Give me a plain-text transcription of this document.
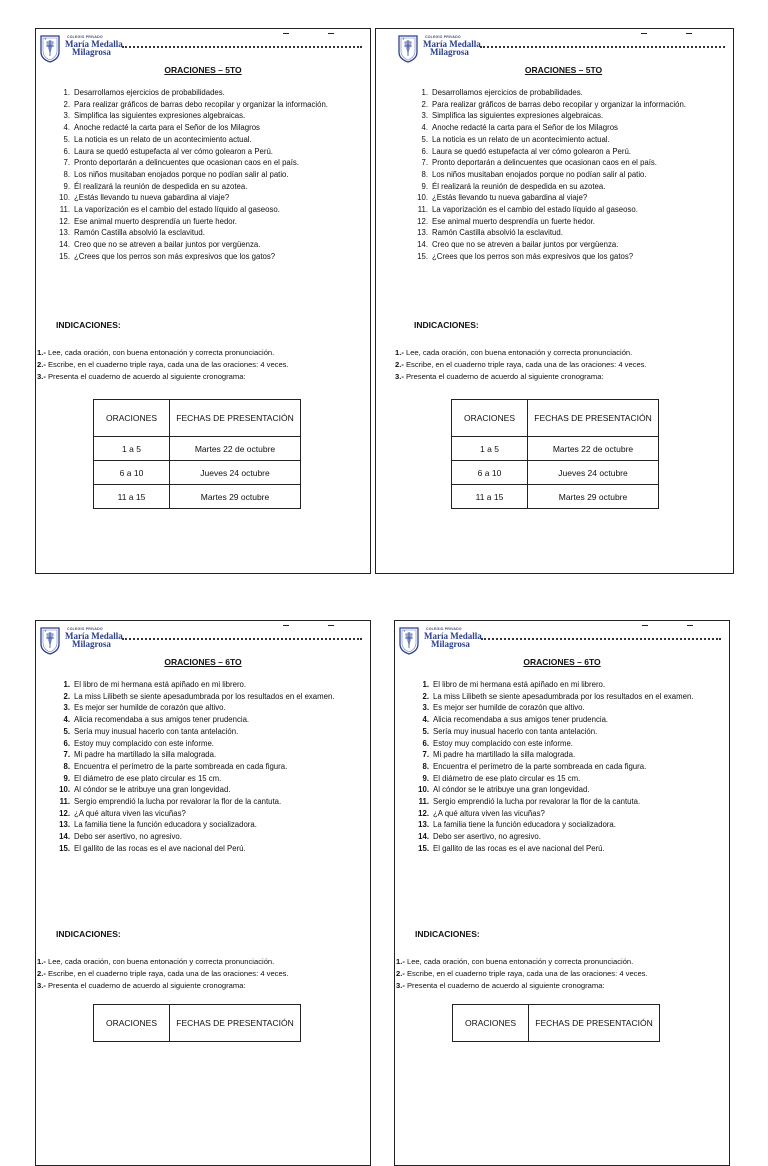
✦	COLEGIO PRIVADO
María Medalla
Milagrosa
ORACIONES – 5TO
1. Desarrollamos ejercicios de probabilidades.
2. Para realizar gráficos de barras debo recopilar y organizar la información.
3. Simplifica las siguientes expresiones algebraicas.
4. Anoche redacté la carta para el Señor de los Milagros
5. La noticia es un relato de un acontecimiento actual.
6. Laura se quedó estupefacta al ver cómo golearon a Perú.
7. Pronto deportarán a delincuentes que ocasionan caos en el país.
8. Los niños musitaban enojados porque no podían salir al patio.
9. Él realizará la reunión de despedida en su azotea.
10. ¿Estás llevando tu nueva gabardina al viaje?
11. La vaporización es el cambio del estado líquido al gaseoso.
12. Ese animal muerto desprendía un fuerte hedor.
13. Ramón Castilla absolvió la esclavitud.
14. Creo que no se atreven a bailar juntos por vergüenza.
15. ¿Crees que los perros son más expresivos que los gatos?
INDICACIONES:
1.- Lee, cada oración, con buena entonación y correcta pronunciación.
2.- Escribe, en el cuaderno triple raya, cada una de las oraciones: 4 veces.
3.- Presenta el cuaderno de acuerdo al siguiente cronograma:
ORACIONES	FECHAS DE PRESENTACIÓN
1 a 5	Martes 22 de octubre
6 a 10	Jueves 24 octubre
11 a 15	Martes 29 octubre
✦	COLEGIO PRIVADO
María Medalla
Milagrosa
ORACIONES – 5TO
1. Desarrollamos ejercicios de probabilidades.
2. Para realizar gráficos de barras debo recopilar y organizar la información.
3. Simplifica las siguientes expresiones algebraicas.
4. Anoche redacté la carta para el Señor de los Milagros
5. La noticia es un relato de un acontecimiento actual.
6. Laura se quedó estupefacta al ver cómo golearon a Perú.
7. Pronto deportarán a delincuentes que ocasionan caos en el país.
8. Los niños musitaban enojados porque no podían salir al patio.
9. Él realizará la reunión de despedida en su azotea.
10. ¿Estás llevando tu nueva gabardina al viaje?
11. La vaporización es el cambio del estado líquido al gaseoso.
12. Ese animal muerto desprendía un fuerte hedor.
13. Ramón Castilla absolvió la esclavitud.
14. Creo que no se atreven a bailar juntos por vergüenza.
15. ¿Crees que los perros son más expresivos que los gatos?
INDICACIONES:
1.- Lee, cada oración, con buena entonación y correcta pronunciación.
2.- Escribe, en el cuaderno triple raya, cada una de las oraciones: 4 veces.
3.- Presenta el cuaderno de acuerdo al siguiente cronograma:
ORACIONES	FECHAS DE PRESENTACIÓN
1 a 5	Martes 22 de octubre
6 a 10	Jueves 24 octubre
11 a 15	Martes 29 octubre
✦	COLEGIO PRIVADO
María Medalla
Milagrosa
ORACIONES – 6TO
1. El libro de mi hermana está apiñado en mi librero.
2. La miss Lilibeth se siente apesadumbrada por los resultados en el examen.
3. Es mejor ser humilde de corazón que altivo.
4. Alicia recomendaba a sus amigos tener prudencia.
5. Sería muy inusual hacerlo con tanta antelación.
6. Estoy muy complacido con este informe.
7. Mi padre ha martillado la silla malograda.
8. Encuentra el perímetro de la parte sombreada en cada figura.
9. El diámetro de ese plato circular es 15 cm.
10. Al cóndor se le atribuye una gran longevidad.
11. Sergio emprendió la lucha por revalorar la flor de la cantuta.
12. ¿A qué altura viven las vicuñas?
13. La familia tiene la función educadora y socializadora.
14. Debo ser asertivo, no agresivo.
15. El gallito de las rocas es el ave nacional del Perú.
INDICACIONES:
1.- Lee, cada oración, con buena entonación y correcta pronunciación.
2.- Escribe, en el cuaderno triple raya, cada una de las oraciones: 4 veces.
3.- Presenta el cuaderno de acuerdo al siguiente cronograma:
ORACIONES	FECHAS DE PRESENTACIÓN
✦	COLEGIO PRIVADO
María Medalla
Milagrosa
ORACIONES – 6TO
1. El libro de mi hermana está apiñado en mi librero.
2. La miss Lilibeth se siente apesadumbrada por los resultados en el examen.
3. Es mejor ser humilde de corazón que altivo.
4. Alicia recomendaba a sus amigos tener prudencia.
5. Sería muy inusual hacerlo con tanta antelación.
6. Estoy muy complacido con este informe.
7. Mi padre ha martillado la silla malograda.
8. Encuentra el perímetro de la parte sombreada en cada figura.
9. El diámetro de ese plato circular es 15 cm.
10. Al cóndor se le atribuye una gran longevidad.
11. Sergio emprendió la lucha por revalorar la flor de la cantuta.
12. ¿A qué altura viven las vicuñas?
13. La familia tiene la función educadora y socializadora.
14. Debo ser asertivo, no agresivo.
15. El gallito de las rocas es el ave nacional del Perú.
INDICACIONES:
1.- Lee, cada oración, con buena entonación y correcta pronunciación.
2.- Escribe, en el cuaderno triple raya, cada una de las oraciones: 4 veces.
3.- Presenta el cuaderno de acuerdo al siguiente cronograma:
ORACIONES	FECHAS DE PRESENTACIÓN
